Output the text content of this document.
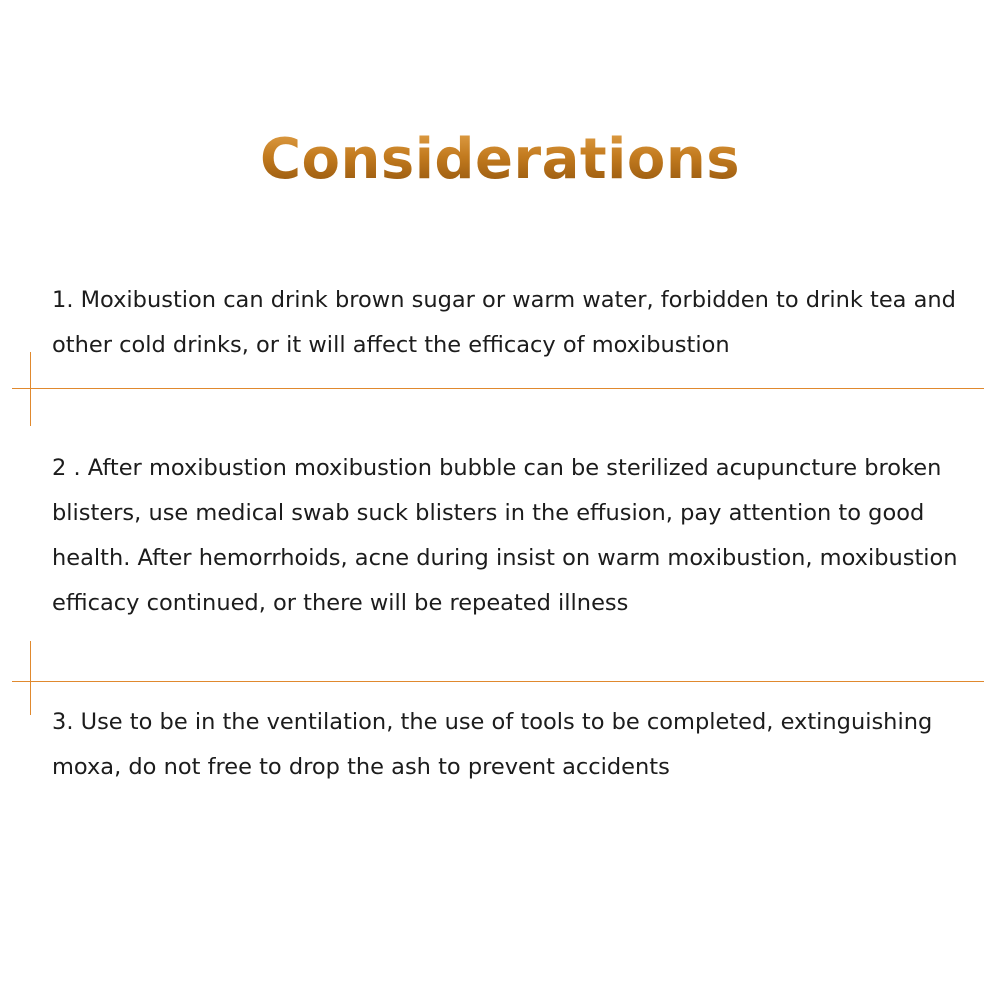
Considerations

1. Moxibustion can drink brown sugar or warm water, forbidden to drink tea and
other cold drinks, or it will affect the efficacy of moxibustion

2 . After moxibustion moxibustion bubble can be sterilized acupuncture broken
blisters, use medical swab suck blisters in the effusion, pay attention to good
health. After hemorrhoids, acne during insist on warm moxibustion, moxibustion
efficacy continued, or there will be repeated illness

3. Use to be in the ventilation, the use of tools to be completed, extinguishing
moxa, do not free to drop the ash to prevent accidents
